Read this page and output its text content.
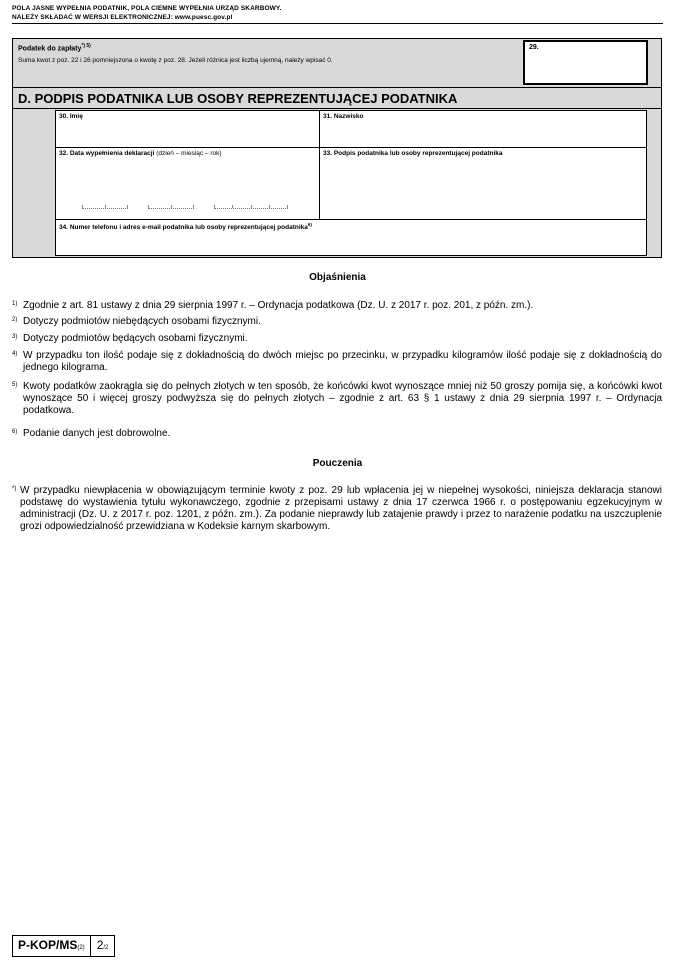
POLA JASNE WYPEŁNIA PODATNIK, POLA CIEMNE WYPEŁNIA URZĄD SKARBOWY.
NALEŻY SKŁADAĆ W WERSJI ELEKTRONICZNEJ: www.puesc.gov.pl
Podatek do zapłaty$^{*) 5)}$
Suma kwot z poz. 22 i 26 pomniejszona o kwotę z poz. 28. Jeżeli różnica jest liczbą ujemną, należy wpisać 0.
29.
D. PODPIS PODATNIKA LUB OSOBY REPREZENTUJĄCEJ PODATNIKA
30. Imię	31. Nazwisko
32. Data wypełnienia deklaracji (dzień – miesiąc – rok)	33. Podpis podatnika lub osoby reprezentującej podatnika
34. Numer telefonu i adres e-mail podatnika lub osoby reprezentującej podatnika$^{6)}$
Objaśnienia
1) Zgodnie z art. 81 ustawy z dnia 29 sierpnia 1997 r. – Ordynacja podatkowa (Dz. U. z 2017 r. poz. 201, z późn. zm.).
2) Dotyczy podmiotów niebędących osobami fizycznymi.
3) Dotyczy podmiotów będących osobami fizycznymi.
4) W przypadku ton ilość podaje się z dokładnością do dwóch miejsc po przecinku, w przypadku kilogramów ilość podaje się z dokładnością do jednego kilograma.
5) Kwoty podatków zaokrągla się do pełnych złotych w ten sposób, że końcówki kwot wynoszące mniej niż 50 groszy pomija się, a końcówki kwot wynoszące 50 i więcej groszy podwyższa się do pełnych złotych – zgodnie z art. 63 § 1 ustawy z dnia 29 sierpnia 1997 r. – Ordynacja podatkowa.
6) Podanie danych jest dobrowolne.
Pouczenia
*) W przypadku niewpłacenia w obowiązującym terminie kwoty z poz. 29 lub wpłacenia jej w niepełnej wysokości, niniejsza deklaracja stanowi podstawę do wystawienia tytułu wykonawczego, zgodnie z przepisami ustawy z dnia 17 czerwca 1966 r. o postępowaniu egzekucyjnym w administracji (Dz. U. z 2017 r. poz. 1201, z późn. zm.). Za podanie nieprawdy lub zatajenie prawdy i przez to narażenie podatku na uszczuplenie grozi odpowiedzialność przewidziana w Kodeksie karnym skarbowym.
P-KOP/MS(2)	2/2
